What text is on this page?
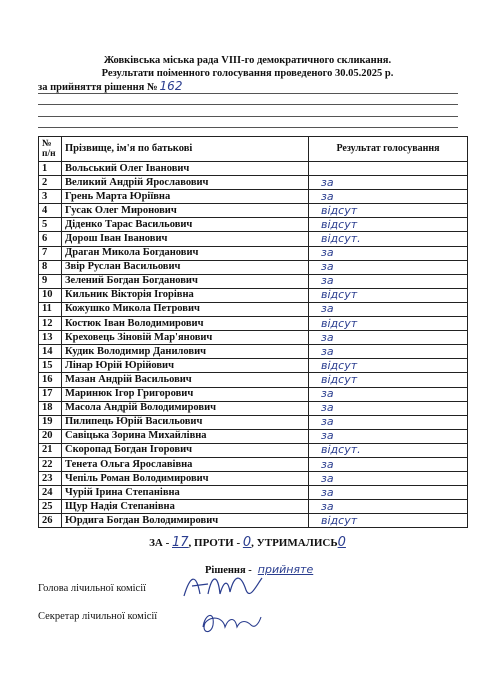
Жовківська міська рада VIII-го демократичного скликання.
Результати поіменного голосування проведеного 30.05.2025 р.
за прийняття рішення № 162
№ п/н	Прізвище, ім'я по батькові	Результат голосування
1	Вольський Олег Іванович	
2	Великий Андрій Ярославович	за
3	Грень Марта Юріївна	за
4	Гусак Олег Миронович	відсут
5	Діденко Тарас Васильович	відсут
6	Дорош Іван Іванович	відсут.
7	Драган Микола Богданович	за
8	Звір Руслан Васильович	за
9	Зелений Богдан Богданович	за
10	Кильник Вікторія Ігорівна	відсут
11	Кожушко Микола Петрович	за
12	Костюк Іван Володимирович	відсут
13	Креховець Зіновій Мар'янович	за
14	Кудик Володимир Данилович	за
15	Лінар Юрій Юрійович	відсут
16	Мазан Андрій Васильович	відсут
17	Маринюк Ігор Григорович	за
18	Масола Андрій Володимирович	за
19	Пилипець Юрій Васильович	за
20	Савіцька Зорина Михайлівна	за
21	Скоропад Богдан Ігорович	відсут.
22	Тенета Ольга Ярославівна	за
23	Чепіль Роман Володимирович	за
24	Чурій Ірина Степанівна	за
25	Щур Надія Степанівна	за
26	Юрдига Богдан Володимирович	відсут
ЗА - 17, ПРОТИ - 0, УТРИМАЛИСЬ0
Рішення - прийняте
Голова лічильної комісії
Секретар лічильної комісії
